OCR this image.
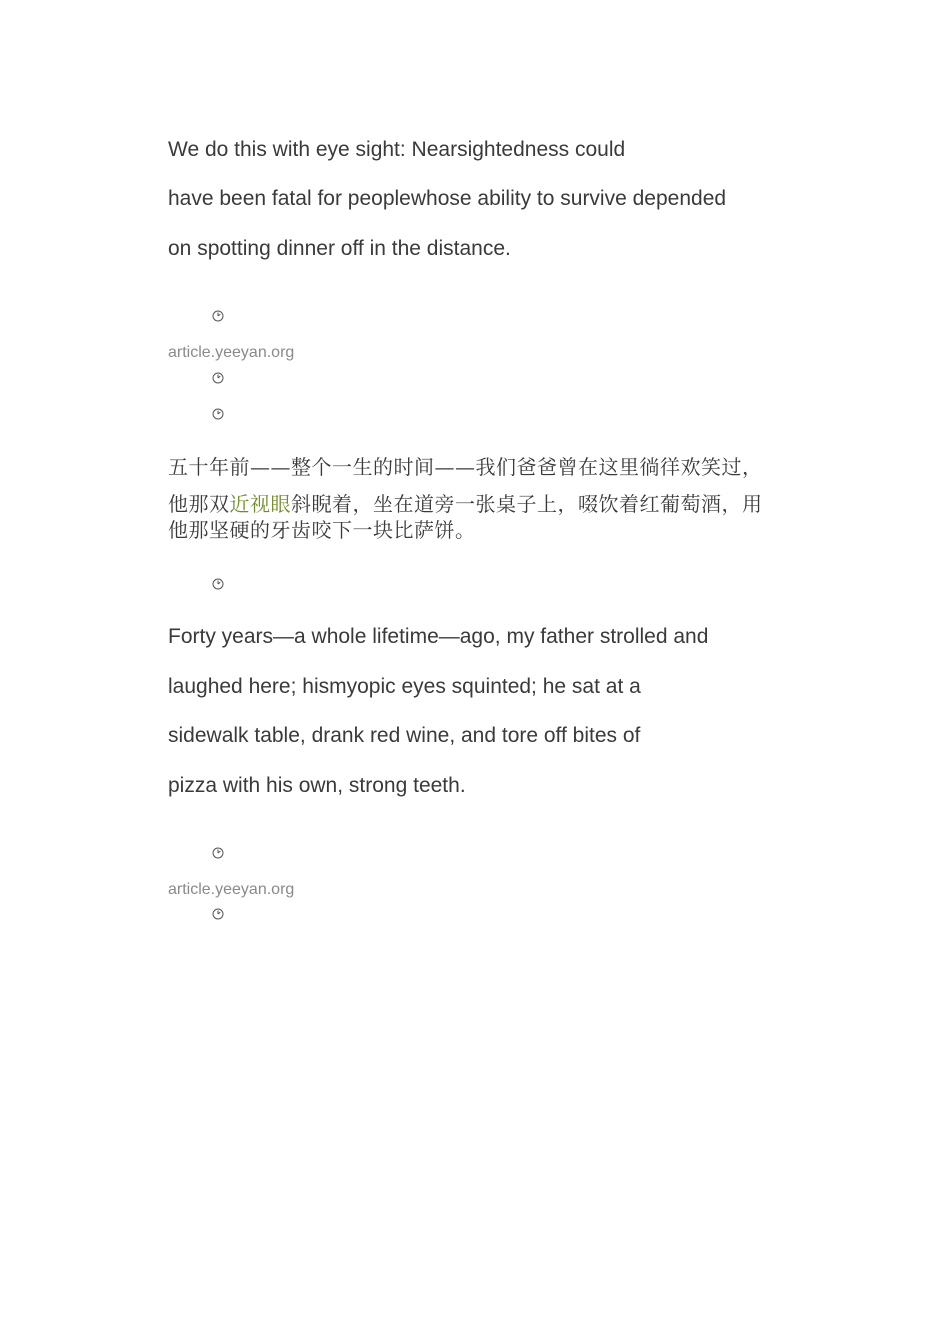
We do this with eye sight: Nearsightedness could
have been fatal for peoplewhose ability to survive depended
on spotting dinner off in the distance.
article.yeeyan.org
五十年前——整个一生的时间——我们爸爸曾在这里徜徉欢笑过，
他那双近视眼斜睨着，坐在道旁一张桌子上，啜饮着红葡萄酒，用
他那坚硬的牙齿咬下一块比萨饼。
Forty years—a whole lifetime—ago, my father strolled and
laughed here; hismyopic eyes squinted; he sat at a
sidewalk table, drank red wine, and tore off bites of
pizza with his own, strong teeth.
article.yeeyan.org
